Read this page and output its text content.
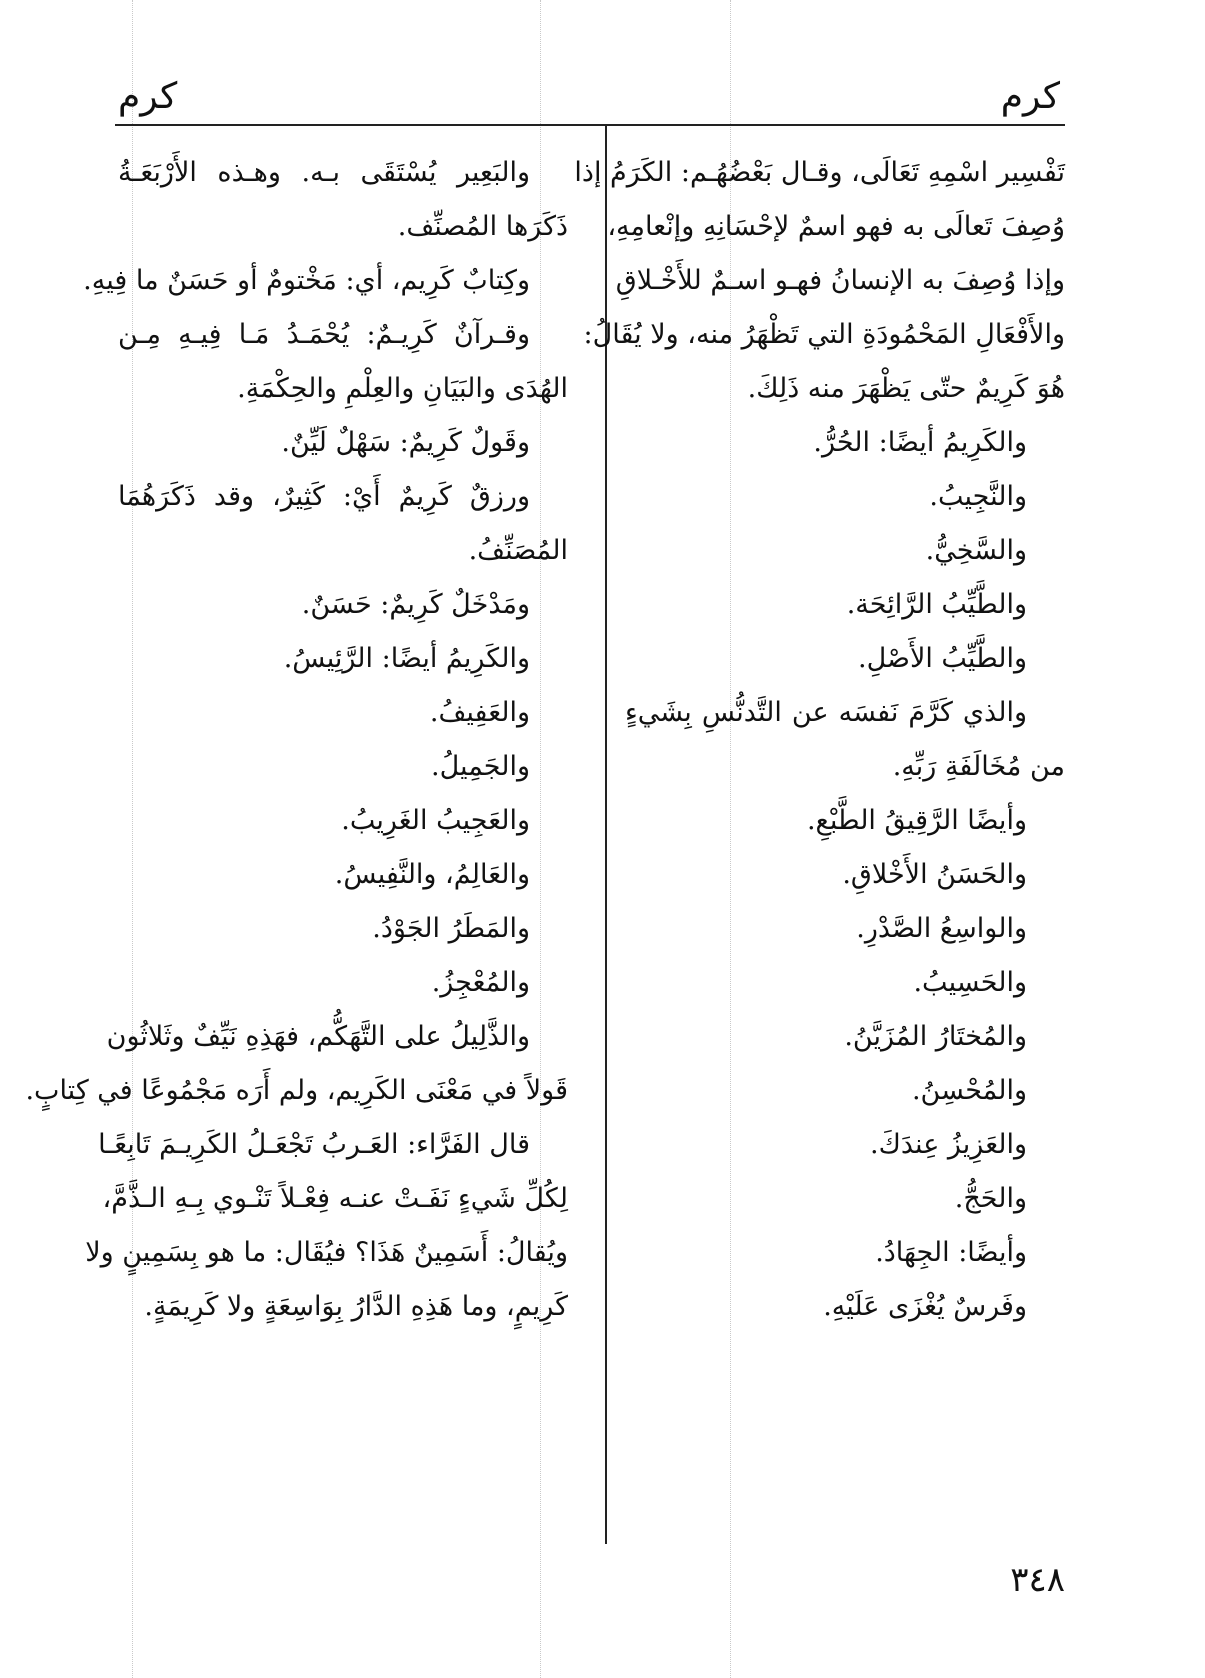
كرم	كرم
تَفْسِير اسْمِهِ تَعَالَى، وقـال بَعْضُهُـم: الكَرَمُ إذا
وُصِفَ تَعالَى به فهو اسمٌ لإحْسَانِهِ وإنْعامِهِ،
وإذا وُصِفَ به الإنسانُ فهـو اسـمٌ للأَخْـلاقِ
والأَفْعَالِ المَحْمُودَةِ التي تَظْهَرُ منه، ولا يُقَالُ:
هُوَ كَرِيمٌ حتّى يَظْهَرَ منه ذَلِكَ.
والكَرِيمُ أيضًا: الحُرُّ.
والنَّجِيبُ.
والسَّخِيُّ.
والطَّيِّبُ الرَّائِحَة.
والطَّيِّبُ الأَصْلِ.
والذي كَرَّمَ نَفسَه عن التَّدنُّسِ بِشَيءٍ
من مُخَالَفَةِ رَبِّهِ.
وأيضًا الرَّقِيقُ الطَّبْعِ.
والحَسَنُ الأَخْلاقِ.
والواسِعُ الصَّدْرِ.
والحَسِيبُ.
والمُختَارُ المُزَيَّنُ.
والمُحْسِنُ.
والعَزِيزُ عِندَكَ.
والحَجُّ.
وأيضًا: الجِهَادُ.
وفَرسٌ يُغْزَى عَلَيْهِ.
والبَعِير يُسْتَقَى بـه. وهـذه الأَرْبَعَـةُ
ذَكَرَها المُصنِّف.
وكِتابٌ كَرِيم، أي: مَخْتومٌ أو حَسَنٌ ما فِيهِ.
وقـرآنٌ كَرِيـمٌ: يُحْمَـدُ مَـا فِيـهِ مِـن
الهُدَى والبَيَانِ والعِلْمِ والحِكْمَةِ.
وقَولٌ كَرِيمٌ: سَهْلٌ لَيِّنٌ.
ورزقٌ كَرِيمٌ أَيْ: كَثِيرٌ، وقد ذَكَرَهُمَا
المُصَنِّفُ.
ومَدْخَلٌ كَرِيمٌ: حَسَنٌ.
والكَرِيمُ أيضًا: الرَّئِيسُ.
والعَفِيفُ.
والجَمِيلُ.
والعَجِيبُ الغَرِيبُ.
والعَالِمُ، والنَّفِيسُ.
والمَطَرُ الجَوْدُ.
والمُعْجِزُ.
والذَّلِيلُ على التَّهَكُّم، فهَذِهِ نَيِّفٌ وثَلاثُون
قَولاً في مَعْنَى الكَرِيم، ولم أَرَه مَجْمُوعًا في كِتابٍ.
قال الفَرَّاء: العَـربُ تَجْعَـلُ الكَرِيـمَ تَابِعًـا
لِكُلِّ شَيءٍ نَفَـتْ عنـه فِعْـلاً تَنْـوي بِـهِ الـذَّمَّ،
ويُقالُ: أَسَمِينٌ هَذَا؟ فيُقَال: ما هو بِسَمِينٍ ولا
كَرِيمٍ، وما هَذِهِ الدَّارُ بِوَاسِعَةٍ ولا كَرِيمَةٍ.
٣٤٨
